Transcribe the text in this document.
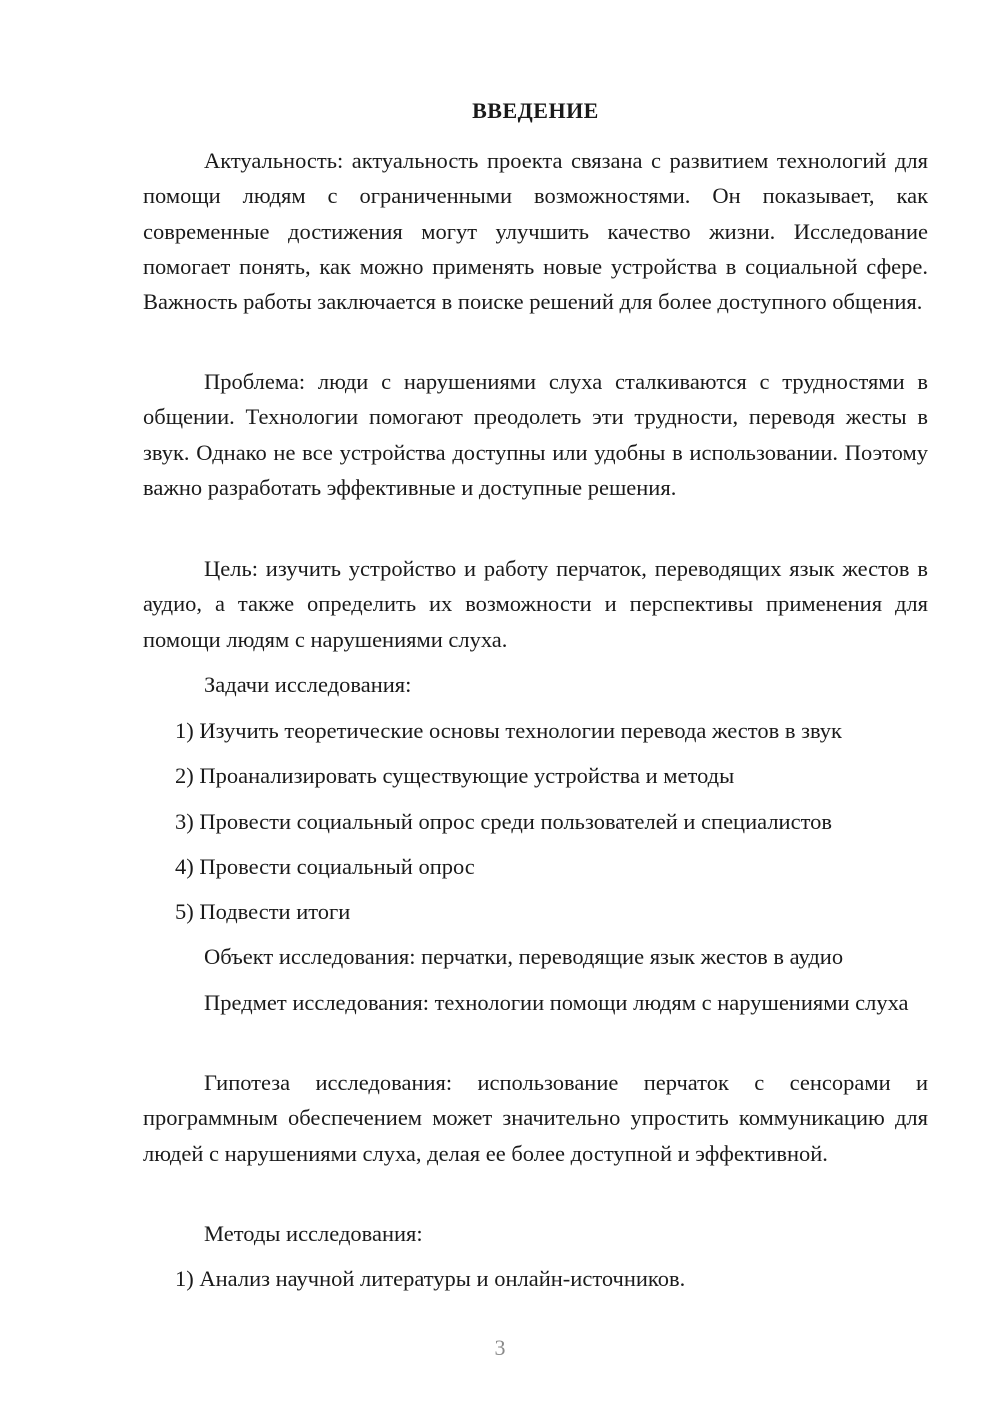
ВВЕДЕНИЕ

Актуальность: актуальность проекта связана с развитием технологий для помощи людям с ограниченными возможностями. Он показывает, как современные достижения могут улучшить качество жизни. Исследование помогает понять, как можно применять новые устройства в социальной сфере. Важность работы заключается в поиске решений для более доступного общения.

Проблема: люди с нарушениями слуха сталкиваются с трудностями в общении. Технологии помогают преодолеть эти трудности, переводя жесты в звук. Однако не все устройства доступны или удобны в использовании. Поэтому важно разработать эффективные и доступные решения.

Цель: изучить устройство и работу перчаток, переводящих язык жестов в аудио, а также определить их возможности и перспективы применения для помощи людям с нарушениями слуха.

Задачи исследования:

1) Изучить теоретические основы технологии перевода жестов в звук

2) Проанализировать существующие устройства и методы

3) Провести социальный опрос среди пользователей и специалистов

4) Провести социальный опрос

5) Подвести итоги

Объект исследования: перчатки, переводящие язык жестов в аудио

Предмет исследования: технологии помощи людям с нарушениями слуха

Гипотеза исследования: использование перчаток с сенсорами и программным обеспечением может значительно упростить коммуникацию для людей с нарушениями слуха, делая ее более доступной и эффективной.

Методы исследования:

1) Анализ научной литературы и онлайн-источников.

3
